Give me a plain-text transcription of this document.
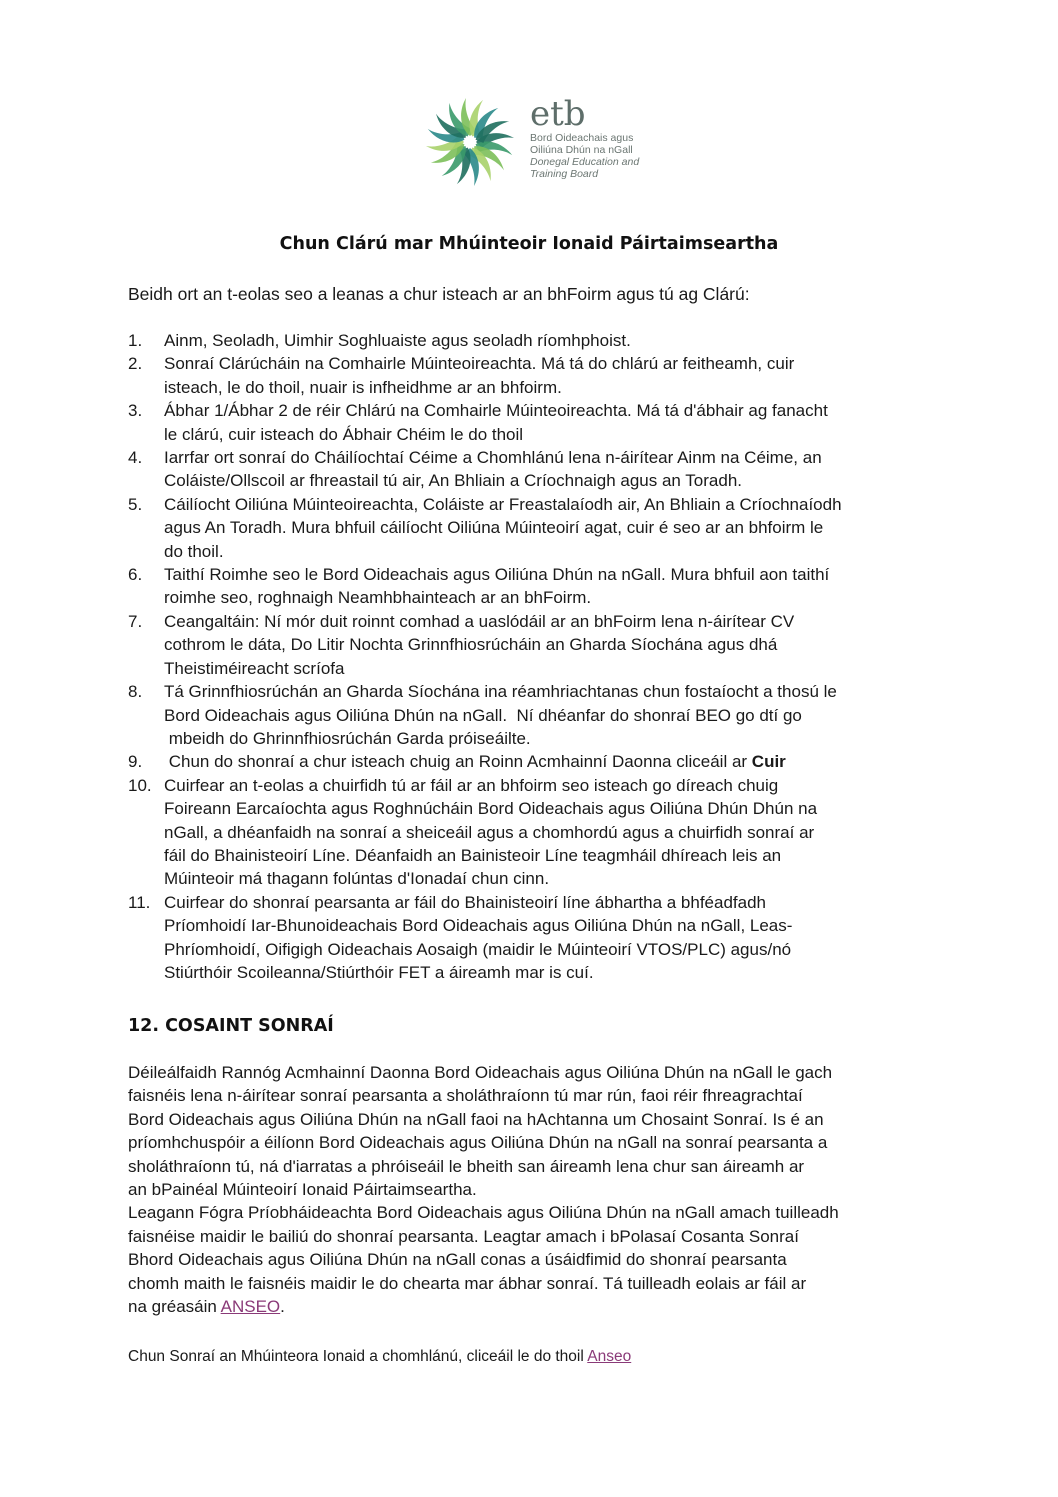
etb
Bord Oideachais agus
Oiliúna Dhún na nGall
Donegal Education and
Training Board
Chun Clárú mar Mhúinteoir Ionaid Páirtaimseartha
Beidh ort an t-eolas seo a leanas a chur isteach ar an bhFoirm agus tú ag Clárú:
1. Ainm, Seoladh, Uimhir Soghluaiste agus seoladh ríomhphoist.
2. Sonraí Clárúcháin na Comhairle Múinteoireachta. Má tá do chlárú ar feitheamh, cuir
isteach, le do thoil, nuair is infheidhme ar an bhfoirm.
3. Ábhar 1/Ábhar 2 de réir Chlárú na Comhairle Múinteoireachta. Má tá d'ábhair ag fanacht
le clárú, cuir isteach do Ábhair Chéim le do thoil
4. Iarrfar ort sonraí do Cháilíochtaí Céime a Chomhlánú lena n-áirítear Ainm na Céime, an
Coláiste/Ollscoil ar fhreastail tú air, An Bhliain a Críochnaigh agus an Toradh.
5. Cáilíocht Oiliúna Múinteoireachta, Coláiste ar Freastalaíodh air, An Bhliain a Críochnaíodh
agus An Toradh. Mura bhfuil cáilíocht Oiliúna Múinteoirí agat, cuir é seo ar an bhfoirm le
do thoil.
6. Taithí Roimhe seo le Bord Oideachais agus Oiliúna Dhún na nGall. Mura bhfuil aon taithí
roimhe seo, roghnaigh Neamhbhainteach ar an bhFoirm.
7. Ceangaltáin: Ní mór duit roinnt comhad a uaslódáil ar an bhFoirm lena n-áirítear CV
cothrom le dáta, Do Litir Nochta Grinnfhiosrúcháin an Gharda Síochána agus dhá
Theistiméireacht scríofa
8. Tá Grinnfhiosrúchán an Gharda Síochána ina réamhriachtanas chun fostaíocht a thosú le
Bord Oideachais agus Oiliúna Dhún na nGall.  Ní dhéanfar do shonraí BEO go dtí go
mbeidh do Ghrinnfhiosrúchán Garda próiseáilte.
9. Chun do shonraí a chur isteach chuig an Roinn Acmhainní Daonna cliceáil ar Cuir
10. Cuirfear an t-eolas a chuirfidh tú ar fáil ar an bhfoirm seo isteach go díreach chuig
Foireann Earcaíochta agus Roghnúcháin Bord Oideachais agus Oiliúna Dhún Dhún na
nGall, a dhéanfaidh na sonraí a sheiceáil agus a chomhordú agus a chuirfidh sonraí ar
fáil do Bhainisteoirí Líne. Déanfaidh an Bainisteoir Líne teagmháil dhíreach leis an
Múinteoir má thagann folúntas d'Ionadaí chun cinn.
11. Cuirfear do shonraí pearsanta ar fáil do Bhainisteoirí líne ábhartha a bhféadfadh
Príomhoidí Iar-Bhunoideachais Bord Oideachais agus Oiliúna Dhún na nGall, Leas-
Phríomhoidí, Oifigigh Oideachais Aosaigh (maidir le Múinteoirí VTOS/PLC) agus/nó
Stiúrthóir Scoileanna/Stiúrthóir FET a áireamh mar is cuí.
12. COSAINT SONRAÍ
Déileálfaidh Rannóg Acmhainní Daonna Bord Oideachais agus Oiliúna Dhún na nGall le gach
faisnéis lena n-áirítear sonraí pearsanta a sholáthraíonn tú mar rún, faoi réir fhreagrachtaí
Bord Oideachais agus Oiliúna Dhún na nGall faoi na hAchtanna um Chosaint Sonraí. Is é an
príomhchuspóir a éilíonn Bord Oideachais agus Oiliúna Dhún na nGall na sonraí pearsanta a
sholáthraíonn tú, ná d'iarratas a phróiseáil le bheith san áireamh lena chur san áireamh ar
an bPainéal Múinteoirí Ionaid Páirtaimseartha.
Leagann Fógra Príobháideachta Bord Oideachais agus Oiliúna Dhún na nGall amach tuilleadh
faisnéise maidir le bailiú do shonraí pearsanta. Leagtar amach i bPolasaí Cosanta Sonraí
Bhord Oideachais agus Oiliúna Dhún na nGall conas a úsáidfimid do shonraí pearsanta
chomh maith le faisnéis maidir le do chearta mar ábhar sonraí. Tá tuilleadh eolais ar fáil ar
na gréasáin ANSEO.
Chun Sonraí an Mhúinteora Ionaid a chomhlánú, cliceáil le do thoil Anseo
